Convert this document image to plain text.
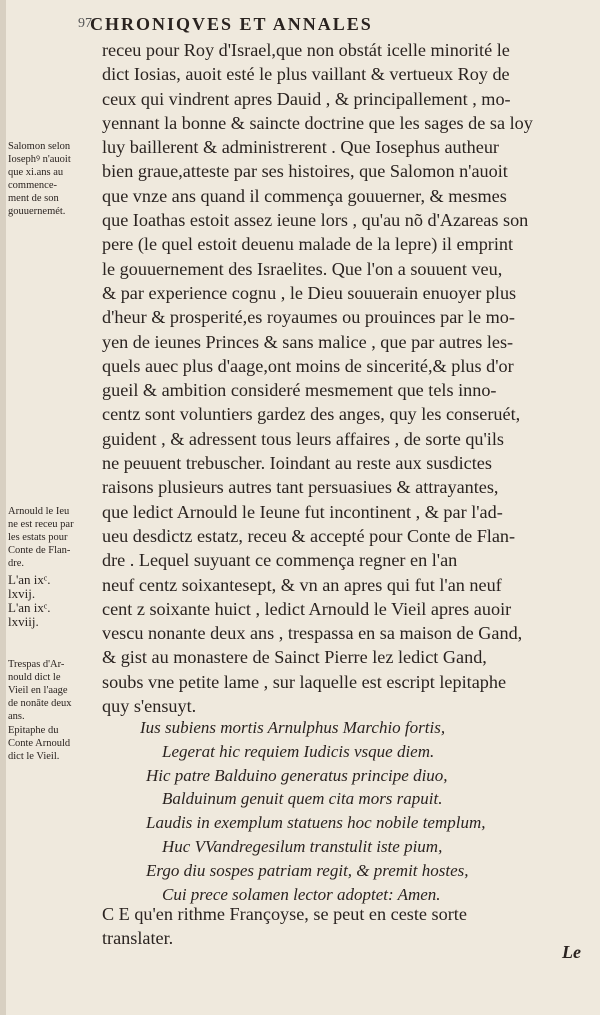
97
CHRONIQVES ET ANNALES
receu pour Roy d'Israel,que non obstát icelle minorité le
dict Iosias, auoit esté le plus vaillant & vertueux Roy de
ceux qui vindrent apres Dauid , & principallement , mo-
yennant la bonne & saincte doctrine que les sages de sa loy
luy baillerent & administrerent . Que Iosephus autheur
bien graue,atteste par ses histoires, que Salomon n'auoit
que vnze ans quand il commença gouuerner, & mesmes
que Ioathas estoit assez ieune lors , qu'au nõ d'Azareas son
pere (le quel estoit deuenu malade de la lepre) il emprint
le gouuernement des Israelites. Que l'on a souuent veu,
& par experience cognu , le Dieu souuerain enuoyer plus
d'heur & prosperité,es royaumes ou prouinces par le mo-
yen de ieunes Princes & sans malice , que par autres les-
quels auec plus d'aage,ont moins de sincerité,& plus d'or
gueil & ambition consideré mesmement que tels inno-
centz sont voluntiers gardez des anges, quy les conseruét,
guident , & adressent tous leurs affaires , de sorte qu'ils
ne peuuent trebuscher. Ioindant au reste aux susdictes
raisons plusieurs autres tant persuasiues & attrayantes,
que ledict Arnould le Ieune fut incontinent , & par l'ad-
ueu desdictz estatz, receu & accepté pour Conte de Flan-
dre . Lequel suyuant ce commença regner en l'an
neuf centz soixantesept, & vn an apres qui fut l'an neuf
cent z soixante huict , ledict Arnould le Vieil apres auoir
vescu nonante deux ans , trespassa en sa maison de Gand,
& gist au monastere de Sainct Pierre lez ledict Gand,
soubs vne petite lame , sur laquelle est escript lepitaphe
quy s'ensuyt.
Ius subiens mortis Arnulphus Marchio fortis,
Legerat hic requiem Iudicis vsque diem.
Hic patre Balduino generatus principe diuo,
Balduinum genuit quem cita mors rapuit.
Laudis in exemplum statuens hoc nobile templum,
Huc VVandregesilum transtulit iste pium,
Ergo diu sospes patriam regit, & premit hostes,
Cui prece solamen lector adoptet: Amen.
C E qu'en rithme Françoyse, se peut en ceste sorte
translater.
Le
Salomon selon
Iosephꝰ n'auoit
que xi.ans au
commence-
ment de son
gouuernemét.
Arnould le Ieu
ne est receu par
les estats pour
Conte de Flan-
dre.
L'an ixᶜ.
lxvij.
L'an ixᶜ.
lxviij.
Trespas d'Ar-
nould dict le
Vieil en l'aage
de nonāte deux
ans.
Epitaphe du
Conte Arnould
dict le Vieil.
